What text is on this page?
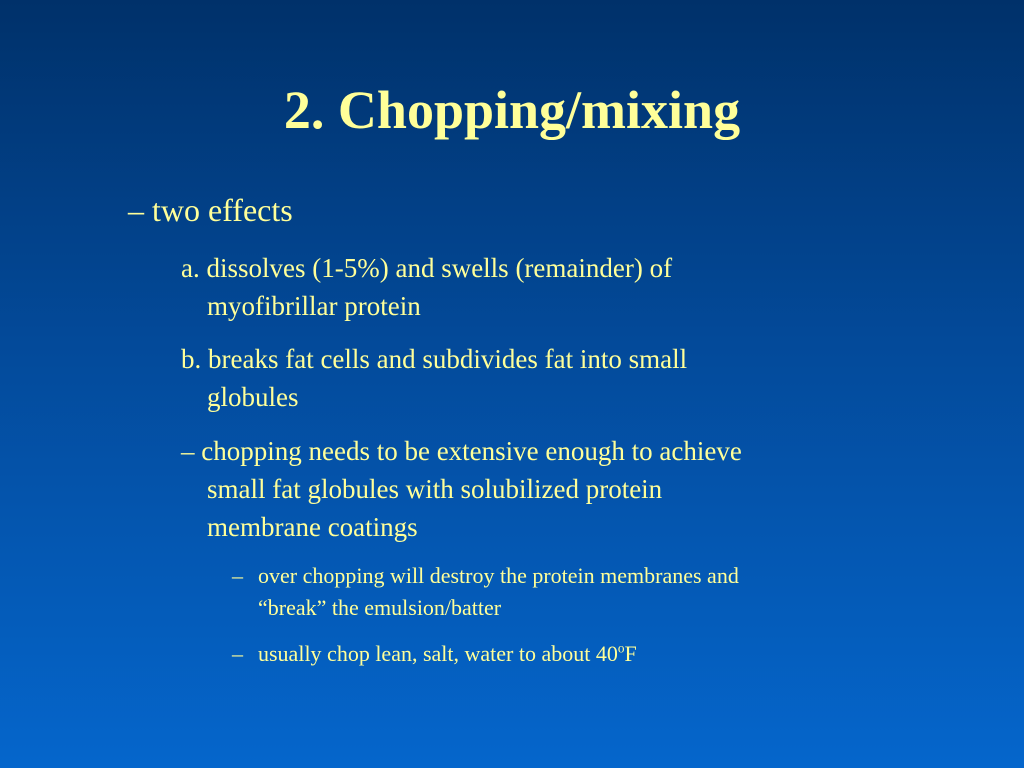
2. Chopping/mixing
– two effects
a. dissolves (1-5%) and swells (remainder) of
myofibrillar protein
b. breaks fat cells and subdivides fat into small
globules
– chopping needs to be extensive enough to achieve
small fat globules with solubilized protein
membrane coatings
– over chopping will destroy the protein membranes and
“break” the emulsion/batter
– usually chop lean, salt, water to about 40$^o$F
